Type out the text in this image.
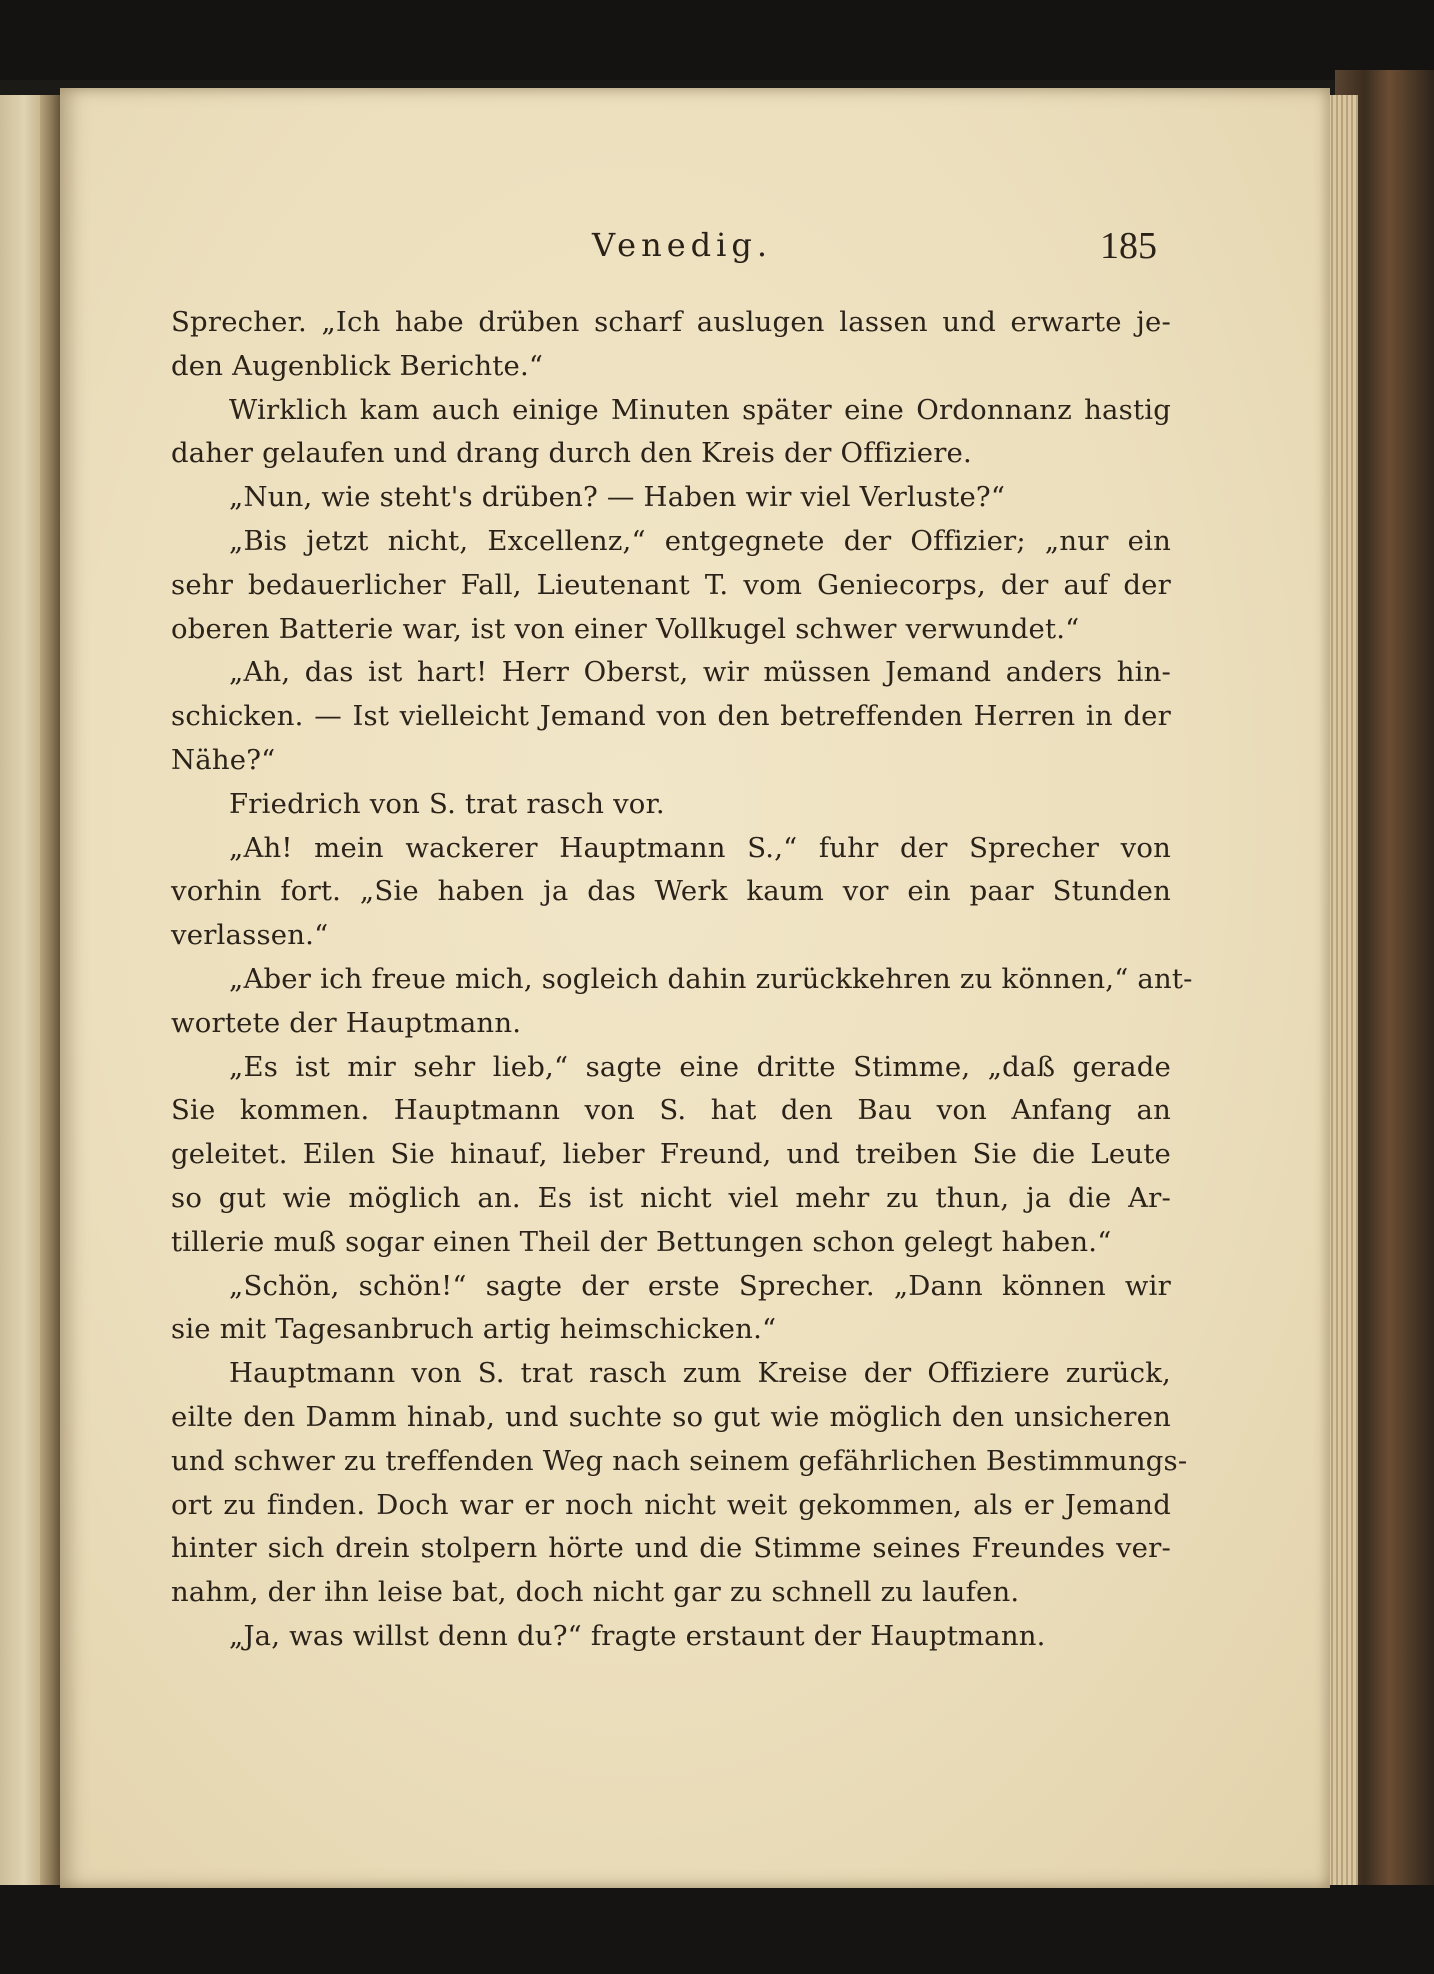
Venedig.	185
Sprecher. „Ich habe drüben scharf auslugen lassen und erwarte je-
den Augenblick Berichte.“
Wirklich kam auch einige Minuten später eine Ordonnanz hastig
daher gelaufen und drang durch den Kreis der Offiziere.
„Nun, wie steht's drüben? — Haben wir viel Verluste?“
„Bis jetzt nicht, Excellenz,“ entgegnete der Offizier; „nur ein
sehr bedauerlicher Fall, Lieutenant T. vom Geniecorps, der auf der
oberen Batterie war, ist von einer Vollkugel schwer verwundet.“
„Ah, das ist hart! Herr Oberst, wir müssen Jemand anders hin-
schicken. — Ist vielleicht Jemand von den betreffenden Herren in der
Nähe?“
Friedrich von S. trat rasch vor.
„Ah! mein wackerer Hauptmann S.,“ fuhr der Sprecher von
vorhin fort. „Sie haben ja das Werk kaum vor ein paar Stunden
verlassen.“
„Aber ich freue mich, sogleich dahin zurückkehren zu können,“ ant-
wortete der Hauptmann.
„Es ist mir sehr lieb,“ sagte eine dritte Stimme, „daß gerade
Sie kommen. Hauptmann von S. hat den Bau von Anfang an
geleitet. Eilen Sie hinauf, lieber Freund, und treiben Sie die Leute
so gut wie möglich an. Es ist nicht viel mehr zu thun, ja die Ar-
tillerie muß sogar einen Theil der Bettungen schon gelegt haben.“
„Schön, schön!“ sagte der erste Sprecher. „Dann können wir
sie mit Tagesanbruch artig heimschicken.“
Hauptmann von S. trat rasch zum Kreise der Offiziere zurück,
eilte den Damm hinab, und suchte so gut wie möglich den unsicheren
und schwer zu treffenden Weg nach seinem gefährlichen Bestimmungs-
ort zu finden. Doch war er noch nicht weit gekommen, als er Jemand
hinter sich drein stolpern hörte und die Stimme seines Freundes ver-
nahm, der ihn leise bat, doch nicht gar zu schnell zu laufen.
„Ja, was willst denn du?“ fragte erstaunt der Hauptmann.
